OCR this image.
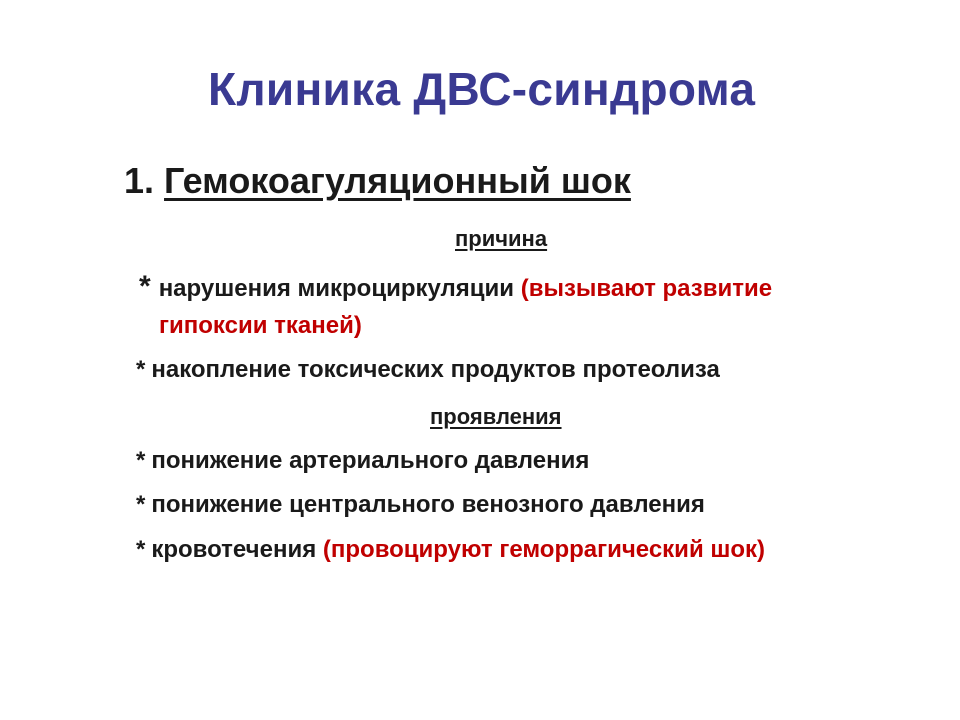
Клиника ДВС-синдрома
1. Гемокоагуляционный шок
причина
* нарушения микроциркуляции (вызывают развитие
гипоксии тканей)
* накопление токсических продуктов протеолиза
проявления
* понижение артериального давления
* понижение центрального венозного давления
* кровотечения (провоцируют геморрагический шок)
